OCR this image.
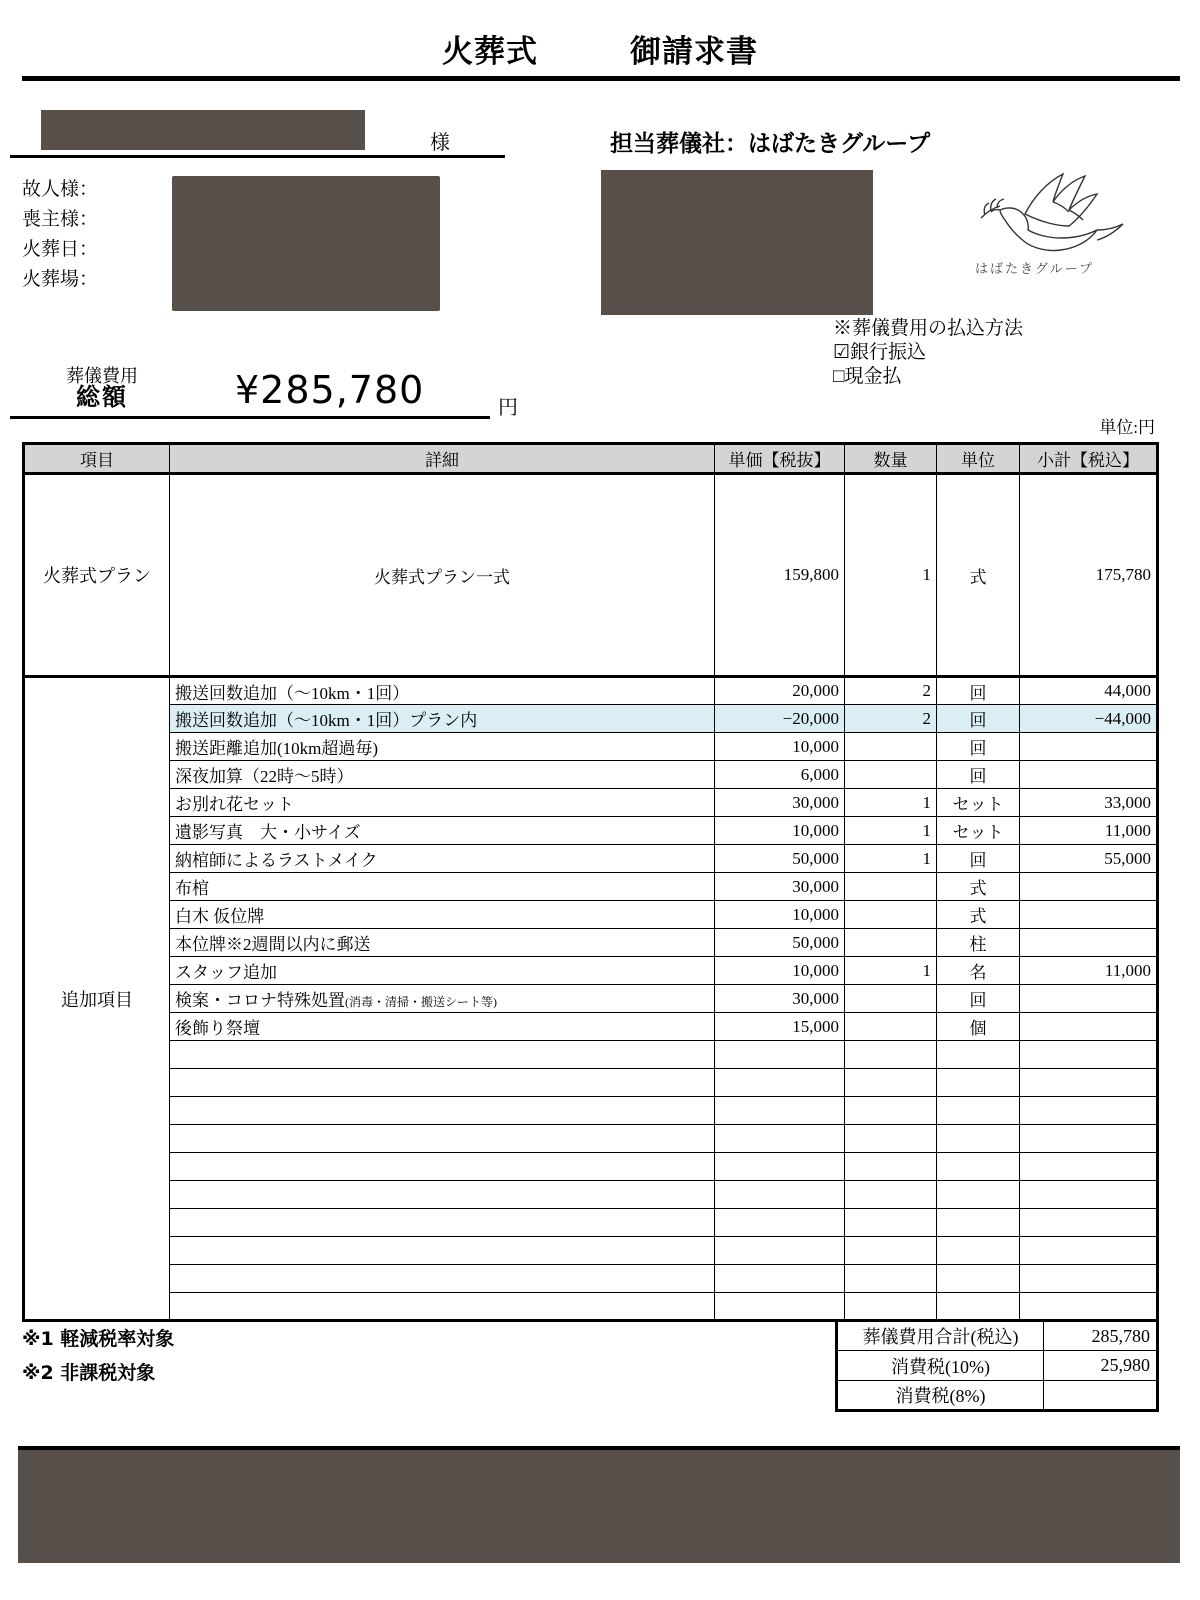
火葬式	御請求書
様
故人様：
喪主様：
火葬日：
火葬場：
担当葬儀社：はばたきグループ
はばたきグループ
※葬儀費用の払込方法
☑銀行振込
□現金払
葬儀費用
総額	¥285,780	円
単位:円
項目	詳細	単価【税抜】	数量	単位	小計【税込】
火葬式プラン	火葬式プラン一式	159,800	1	式	175,780
追加項目	搬送回数追加（～10km・1回）	20,000	2	回	44,000
	搬送回数追加（～10km・1回）プラン内	−20,000	2	回	−44,000
	搬送距離追加(10km超過毎)	10,000		回	
	深夜加算（22時～5時）	6,000		回	
	お別れ花セット	30,000	1	セット	33,000
	遺影写真　大・小サイズ	10,000	1	セット	11,000
	納棺師によるラストメイク	50,000	1	回	55,000
	布棺	30,000		式	
	白木 仮位牌	10,000		式	
	本位牌※2週間以内に郵送	50,000		柱	
	スタッフ追加	10,000	1	名	11,000
	検案・コロナ特殊処置(消毒・清掃・搬送シート等)	30,000		回	
	後飾り祭壇	15,000		個	

※1 軽減税率対象
※2 非課税対象
葬儀費用合計(税込)	285,780
消費税(10%)	25,980
消費税(8%)	
